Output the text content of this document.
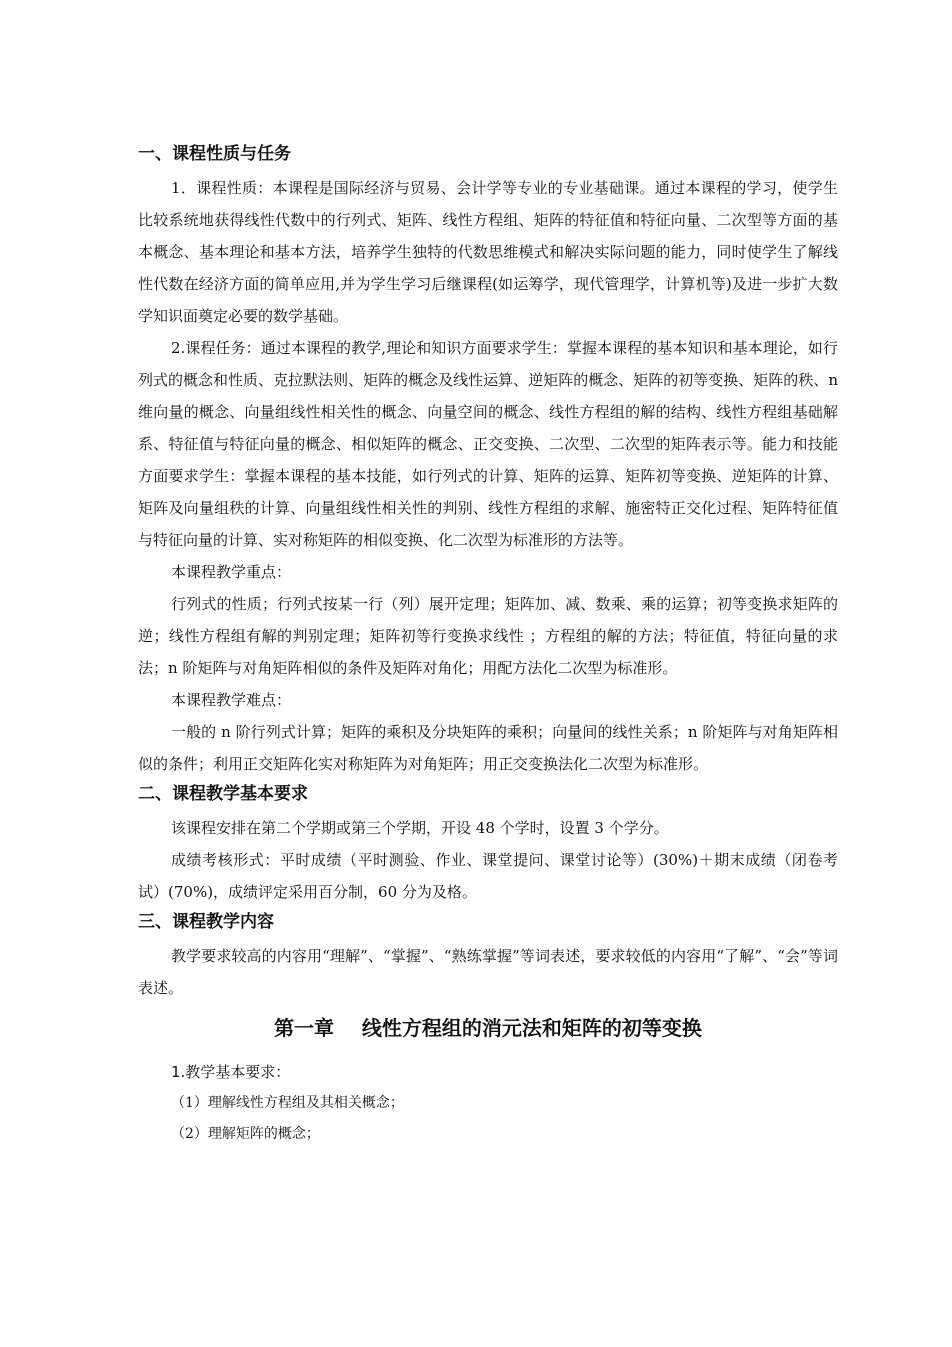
一、课程性质与任务

1．课程性质：本课程是国际经济与贸易、会计学等专业的专业基础课。通过本课程的学习，使学生比较系统地获得线性代数中的行列式、矩阵、线性方程组、矩阵的特征值和特征向量、二次型等方面的基本概念、基本理论和基本方法，培养学生独特的代数思维模式和解决实际问题的能力，同时使学生了解线性代数在经济方面的简单应用,并为学生学习后继课程(如运筹学，现代管理学，计算机等)及进一步扩大数学知识面奠定必要的数学基础。

2.课程任务：通过本课程的教学,理论和知识方面要求学生：掌握本课程的基本知识和基本理论，如行列式的概念和性质、克拉默法则、矩阵的概念及线性运算、逆矩阵的概念、矩阵的初等变换、矩阵的秩、n 维向量的概念、向量组线性相关性的概念、向量空间的概念、线性方程组的解的结构、线性方程组基础解系、特征值与特征向量的概念、相似矩阵的概念、正交变换、二次型、二次型的矩阵表示等。能力和技能方面要求学生：掌握本课程的基本技能，如行列式的计算、矩阵的运算、矩阵初等变换、逆矩阵的计算、矩阵及向量组秩的计算、向量组线性相关性的判别、线性方程组的求解、施密特正交化过程、矩阵特征值与特征向量的计算、实对称矩阵的相似变换、化二次型为标准形的方法等。

本课程教学重点：

行列式的性质；行列式按某一行（列）展开定理；矩阵加、减、数乘、乘的运算；初等变换求矩阵的逆；线性方程组有解的判别定理；矩阵初等行变换求线性 ；方程组的解的方法；特征值，特征向量的求法；n 阶矩阵与对角矩阵相似的条件及矩阵对角化；用配方法化二次型为标准形。

本课程教学难点：

一般的 n 阶行列式计算；矩阵的乘积及分块矩阵的乘积；向量间的线性关系；n 阶矩阵与对角矩阵相似的条件；利用正交矩阵化实对称矩阵为对角矩阵；用正交变换法化二次型为标准形。

二、课程教学基本要求

该课程安排在第二个学期或第三个学期，开设 48 个学时，设置 3 个学分。

成绩考核形式：平时成绩（平时测验、作业、课堂提问、课堂讨论等）(30%)＋期末成绩（闭卷考试）(70%)，成绩评定采用百分制，60 分为及格。

三、课程教学内容

教学要求较高的内容用“理解”、“掌握”、“熟练掌握”等词表述，要求较低的内容用“了解”、“会”等词表述。

第一章    线性方程组的消元法和矩阵的初等变换

1.教学基本要求：

（1）理解线性方程组及其相关概念；

（2）理解矩阵的概念；
